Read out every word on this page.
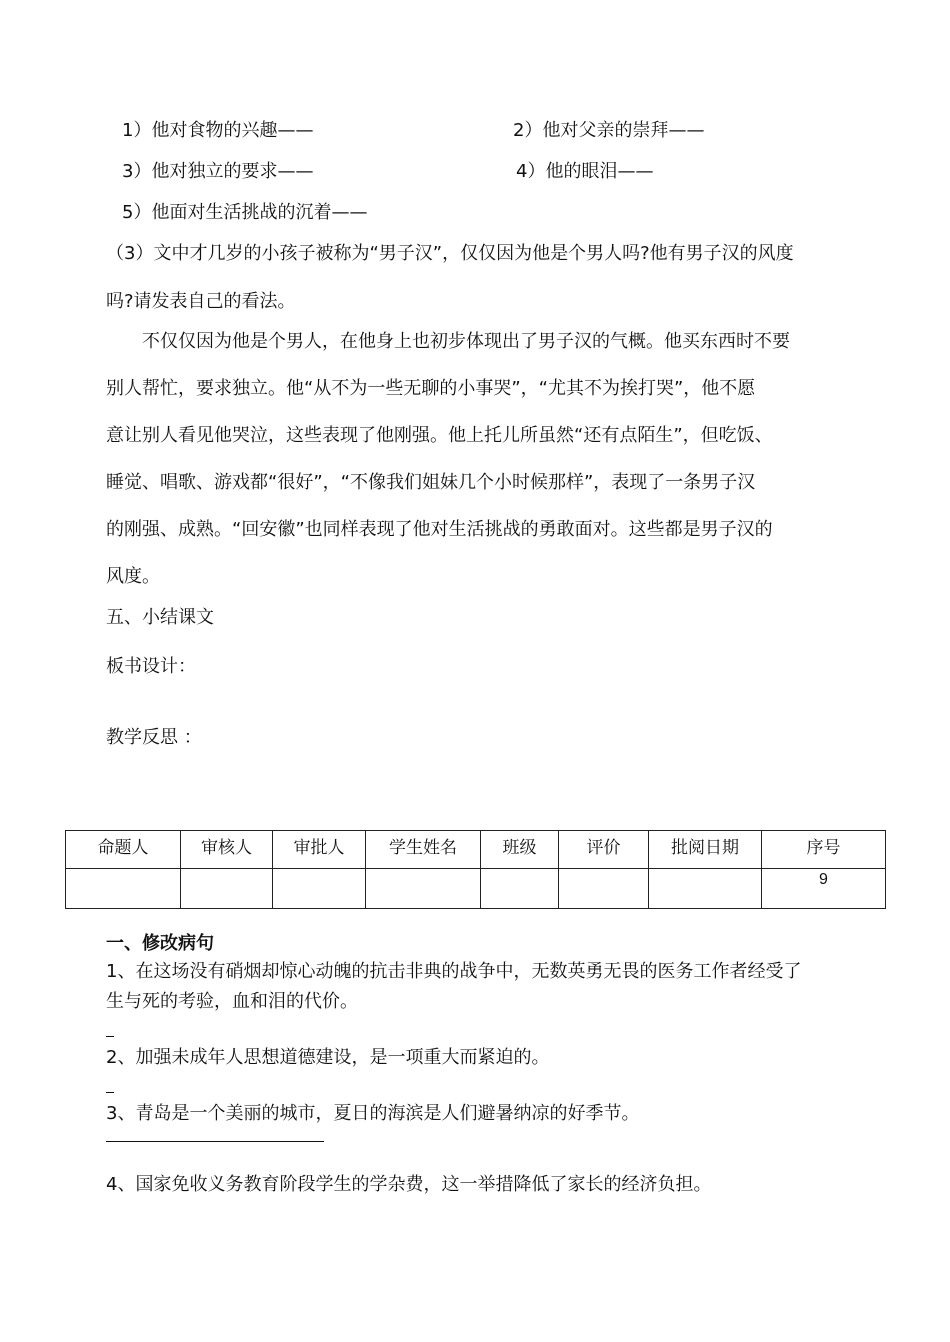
1）他对食物的兴趣——	2）他对父亲的崇拜——
3）他对独立的要求——	4）他的眼泪——
5）他面对生活挑战的沉着——
（3）文中才几岁的小孩子被称为“男子汉”，仅仅因为他是个男人吗?他有男子汉的风度
吗?请发表自己的看法。
不仅仅因为他是个男人，在他身上也初步体现出了男子汉的气概。他买东西时不要
别人帮忙，要求独立。他“从不为一些无聊的小事哭”，“尤其不为挨打哭”，他不愿
意让别人看见他哭泣，这些表现了他刚强。他上托儿所虽然“还有点陌生”，但吃饭、
睡觉、唱歌、游戏都“很好”，“不像我们姐妹几个小时候那样”，表现了一条男子汉
的刚强、成熟。“回安徽”也同样表现了他对生活挑战的勇敢面对。这些都是男子汉的
风度。
五、小结课文
板书设计：
教学反思 ：
命题人	审核人	审批人	学生姓名	班级	评价	批阅日期	序号
							9
一、修改病句
1、在这场没有硝烟却惊心动魄的抗击非典的战争中，无数英勇无畏的医务工作者经受了
生与死的考验，血和泪的代价。
2、加强未成年人思想道德建设，是一项重大而紧迫的。
3、青岛是一个美丽的城市，夏日的海滨是人们避暑纳凉的好季节。
4、国家免收义务教育阶段学生的学杂费，这一举措降低了家长的经济负担。
